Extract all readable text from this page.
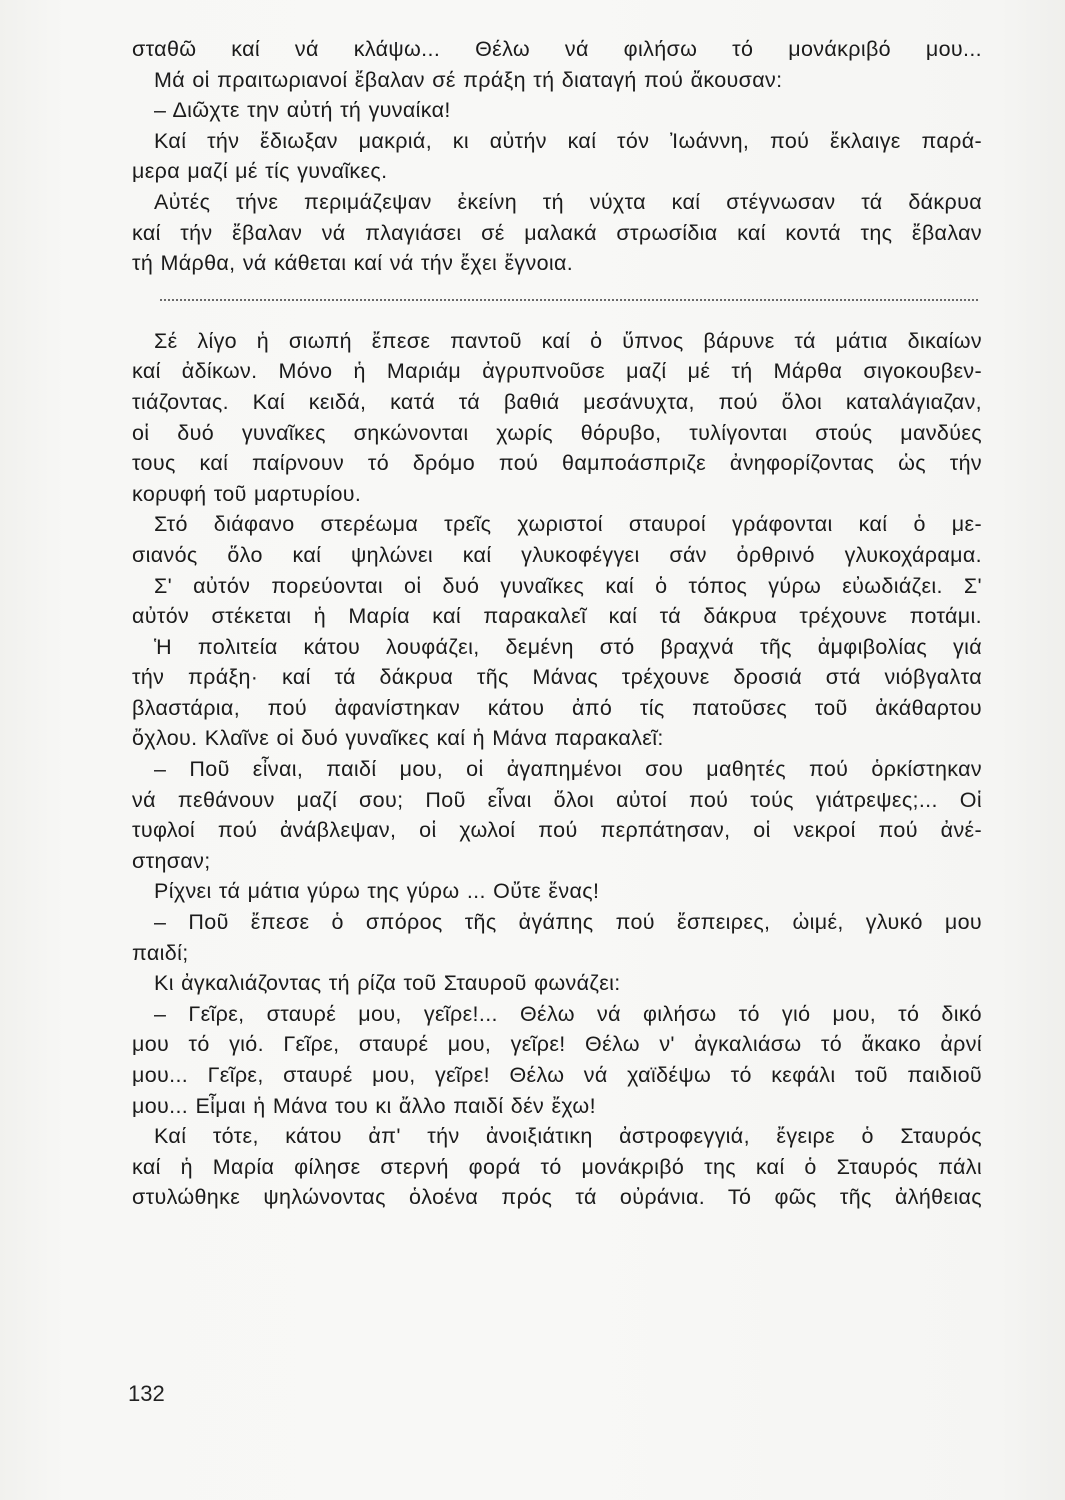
σταθῶ καί νά κλάψω... Θέλω νά φιλήσω τό μονάκριβό μου...
Μά οἱ πραιτωριανοί ἔβαλαν σέ πράξη τή διαταγή πού ἄκουσαν:
– Διῶχτε την αὐτή τή γυναίκα!
Καί τήν ἔδιωξαν μακριά, κι αὐτήν καί τόν Ἰωάννη, πού ἔκλαιγε παρά-
μερα μαζί μέ τίς γυναῖκες.
Αὐτές τήνε περιμάζεψαν ἐκείνη τή νύχτα καί στέγνωσαν τά δάκρυα
καί τήν ἔβαλαν νά πλαγιάσει σέ μαλακά στρωσίδια καί κοντά της ἔβαλαν
τή Μάρθα, νά κάθεται καί νά τήν ἔχει ἔγνοια.
Σέ λίγο ἡ σιωπή ἔπεσε παντοῦ καί ὁ ὕπνος βάρυνε τά μάτια δικαίων
καί ἀδίκων. Μόνο ἡ Μαριάμ ἀγρυπνοῦσε μαζί μέ τή Μάρθα σιγοκουβεν-
τιάζοντας. Καί κειδά, κατά τά βαθιά μεσάνυχτα, πού ὅλοι καταλάγιαζαν,
οἱ δυό γυναῖκες σηκώνονται χωρίς θόρυβο, τυλίγονται στούς μανδύες
τους καί παίρνουν τό δρόμο πού θαμποάσπριζε ἀνηφορίζοντας ὡς τήν
κορυφή τοῦ μαρτυρίου.
Στό διάφανο στερέωμα τρεῖς χωριστοί σταυροί γράφονται καί ὁ με-
σιανός ὅλο καί ψηλώνει καί γλυκοφέγγει σάν ὀρθρινό γλυκοχάραμα.
Σ' αὐτόν πορεύονται οἱ δυό γυναῖκες καί ὁ τόπος γύρω εὐωδιάζει. Σ'
αὐτόν στέκεται ἡ Μαρία καί παρακαλεῖ καί τά δάκρυα τρέχουνε ποτάμι.
Ἡ πολιτεία κάτου λουφάζει, δεμένη στό βραχνά τῆς ἀμφιβολίας γιά
τήν πράξη· καί τά δάκρυα τῆς Μάνας τρέχουνε δροσιά στά νιόβγαλτα
βλαστάρια, πού ἀφανίστηκαν κάτου ἀπό τίς πατοῦσες τοῦ ἀκάθαρτου
ὄχλου. Κλαῖνε οἱ δυό γυναῖκες καί ἡ Μάνα παρακαλεῖ:
– Ποῦ εἶναι, παιδί μου, οἱ ἀγαπημένοι σου μαθητές πού ὁρκίστηκαν
νά πεθάνουν μαζί σου; Ποῦ εἶναι ὅλοι αὐτοί πού τούς γιάτρεψες;... Οἱ
τυφλοί πού ἀνάβλεψαν, οἱ χωλοί πού περπάτησαν, οἱ νεκροί πού ἀνέ-
στησαν;
Ρίχνει τά μάτια γύρω της γύρω ... Οὔτε ἕνας!
– Ποῦ ἔπεσε ὁ σπόρος τῆς ἀγάπης πού ἔσπειρες, ὠιμέ, γλυκό μου
παιδί;
Κι ἀγκαλιάζοντας τή ρίζα τοῦ Σταυροῦ φωνάζει:
– Γεῖρε, σταυρέ μου, γεῖρε!... Θέλω νά φιλήσω τό γιό μου, τό δικό
μου τό γιό. Γεῖρε, σταυρέ μου, γεῖρε! Θέλω ν' ἀγκαλιάσω τό ἄκακο ἀρνί
μου... Γεῖρε, σταυρέ μου, γεῖρε! Θέλω νά χαϊδέψω τό κεφάλι τοῦ παιδιοῦ
μου... Εἶμαι ἡ Μάνα του κι ἄλλο παιδί δέν ἔχω!
Καί τότε, κάτου ἀπ' τήν ἀνοιξιάτικη ἀστροφεγγιά, ἔγειρε ὁ Σταυρός
καί ἡ Μαρία φίλησε στερνή φορά τό μονάκριβό της καί ὁ Σταυρός πάλι
στυλώθηκε ψηλώνοντας ὁλοένα πρός τά οὐράνια. Τό φῶς τῆς ἀλήθειας
132
